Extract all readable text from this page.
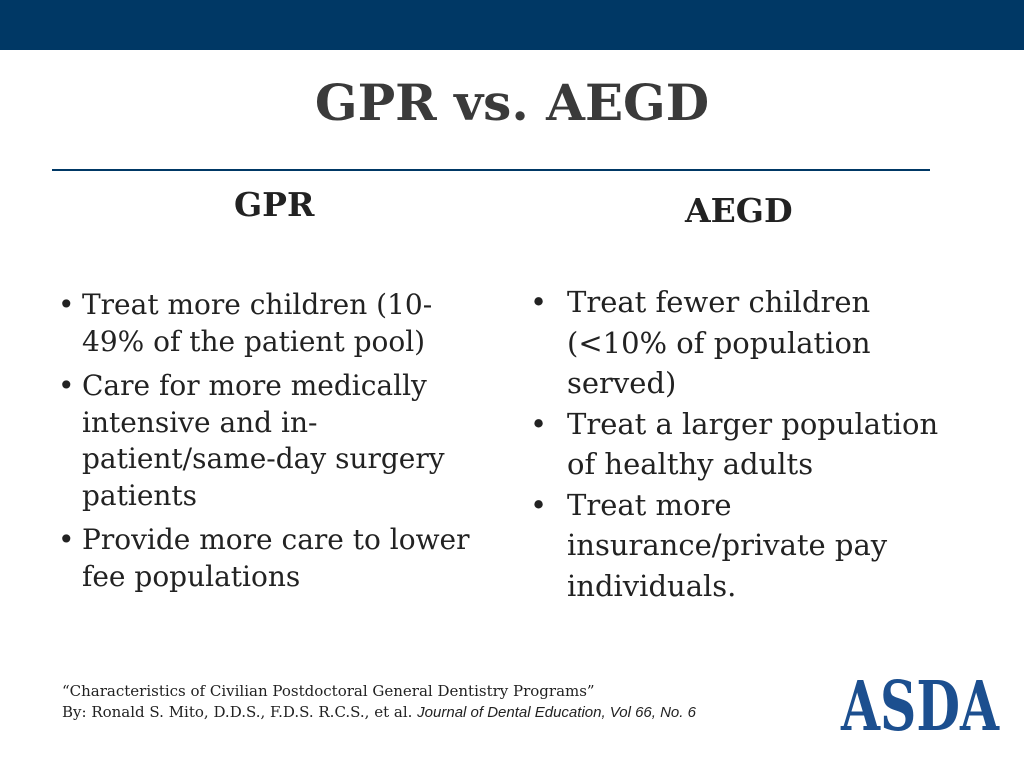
GPR vs. AEGD
GPR	AEGD
• Treat more children (10-49% of the patient pool)
• Care for more medically intensive and in-patient/same-day surgery patients
• Provide more care to lower fee populations
• Treat fewer children (<10% of population served)
• Treat a larger population of healthy adults
• Treat more insurance/private pay individuals.
“Characteristics of Civilian Postdoctoral General Dentistry Programs”
By: Ronald S. Mito, D.D.S., F.D.S. R.C.S., et al. Journal of Dental Education, Vol 66, No. 6 ASDA
